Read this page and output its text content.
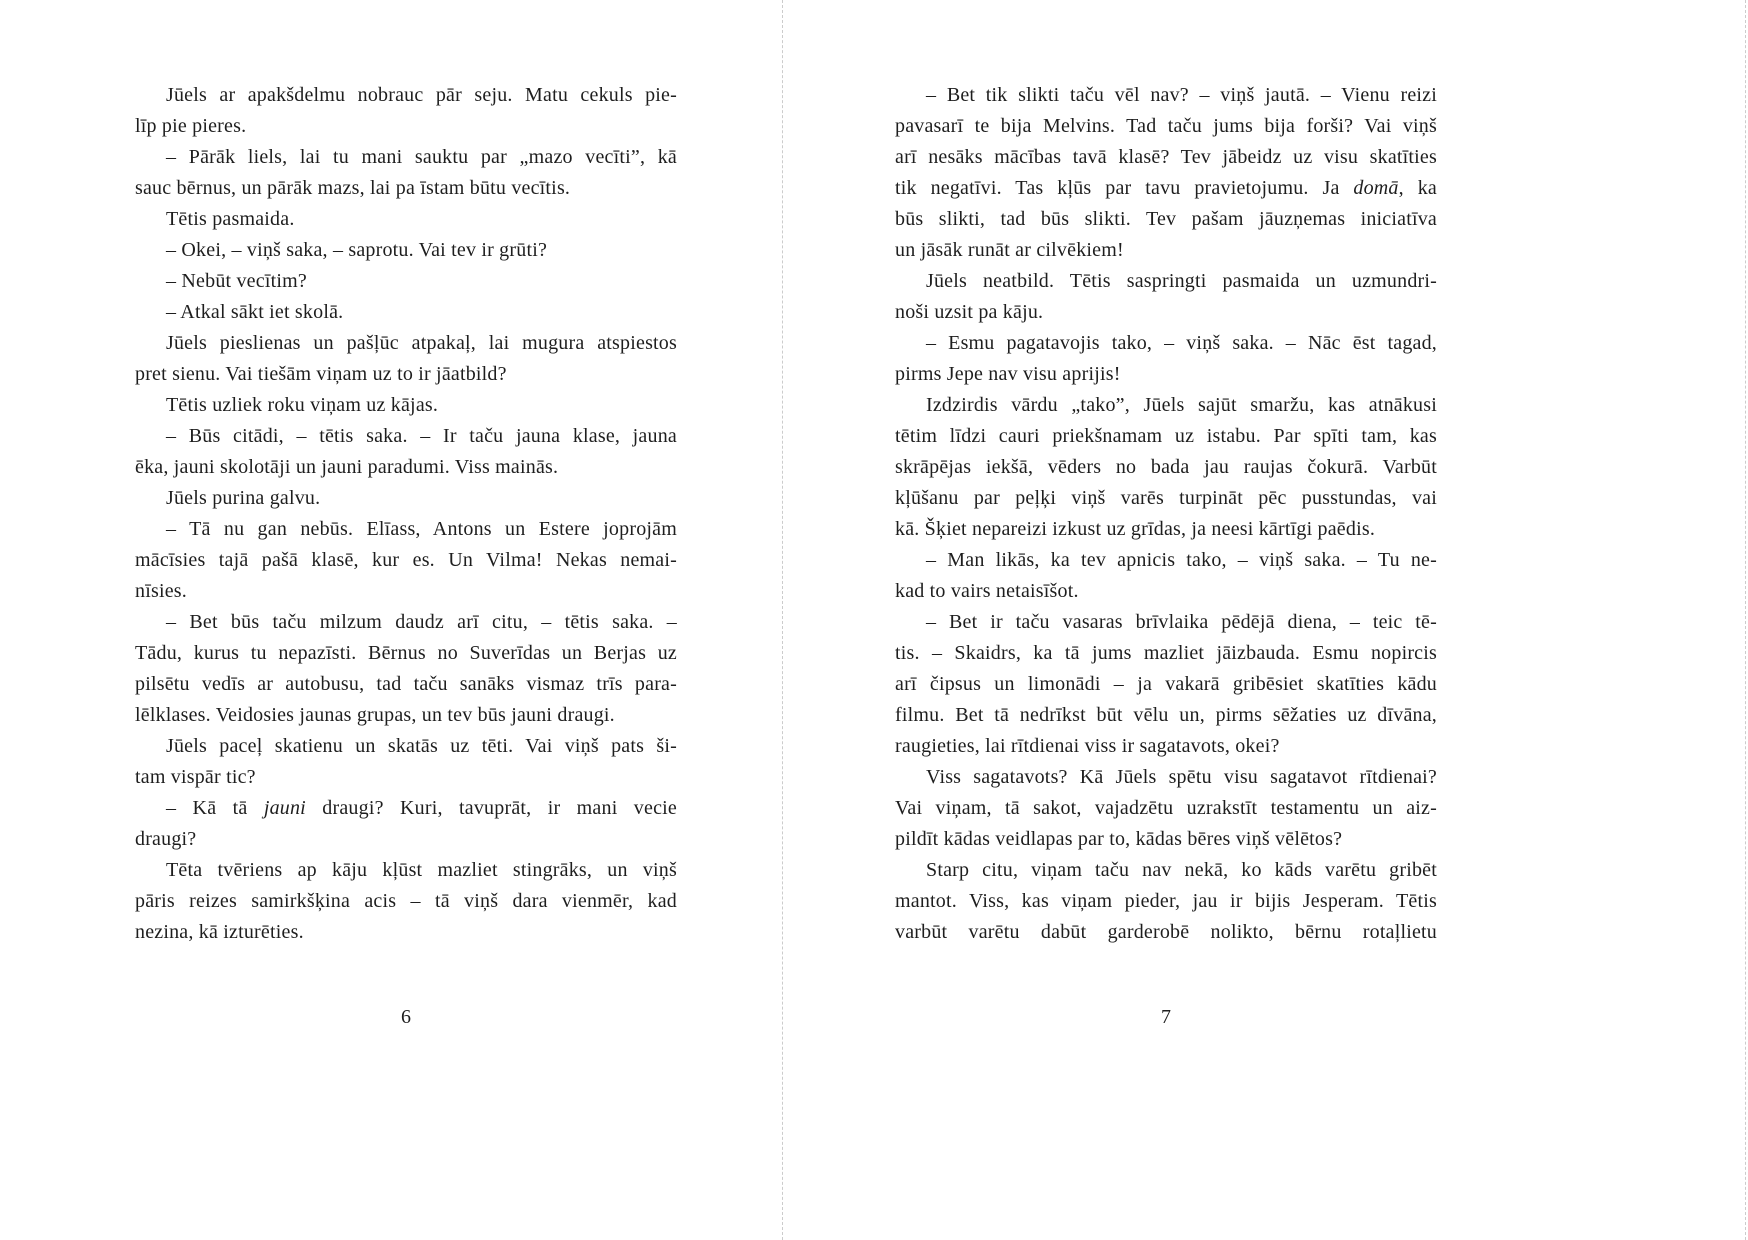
Jūels ar apakšdelmu nobrauc pār seju. Matu cekuls pie-
līp pie pieres.
– Pārāk liels, lai tu mani sauktu par „mazo vecīti”, kā
sauc bērnus, un pārāk mazs, lai pa īstam būtu vecītis.
Tētis pasmaida.
– Okei, – viņš saka, – saprotu. Vai tev ir grūti?
– Nebūt vecītim?
– Atkal sākt iet skolā.
Jūels pieslienas un pašļūc atpakaļ, lai mugura atspiestos
pret sienu. Vai tiešām viņam uz to ir jāatbild?
Tētis uzliek roku viņam uz kājas.
– Būs citādi, – tētis saka. – Ir taču jauna klase, jauna
ēka, jauni skolotāji un jauni paradumi. Viss mainās.
Jūels purina galvu.
– Tā nu gan nebūs. Elīass, Antons un Estere joprojām
mācīsies tajā pašā klasē, kur es. Un Vilma! Nekas nemai-
nīsies.
– Bet būs taču milzum daudz arī citu, – tētis saka. –
Tādu, kurus tu nepazīsti. Bērnus no Suverīdas un Berjas uz
pilsētu vedīs ar autobusu, tad taču sanāks vismaz trīs para-
lēlklases. Veidosies jaunas grupas, un tev būs jauni draugi.
Jūels paceļ skatienu un skatās uz tēti. Vai viņš pats ši-
tam vispār tic?
– Kā tā jauni draugi? Kuri, tavuprāt, ir mani vecie
draugi?
Tēta tvēriens ap kāju kļūst mazliet stingrāks, un viņš
pāris reizes samirkšķina acis – tā viņš dara vienmēr, kad
nezina, kā izturēties.
6
– Bet tik slikti taču vēl nav? – viņš jautā. – Vienu reizi
pavasarī te bija Melvins. Tad taču jums bija forši? Vai viņš
arī nesāks mācības tavā klasē? Tev jābeidz uz visu skatīties
tik negatīvi. Tas kļūs par tavu pravietojumu. Ja domā, ka
būs slikti, tad būs slikti. Tev pašam jāuzņemas iniciatīva
un jāsāk runāt ar cilvēkiem!
Jūels neatbild. Tētis saspringti pasmaida un uzmundri-
noši uzsit pa kāju.
– Esmu pagatavojis tako, – viņš saka. – Nāc ēst tagad,
pirms Jepe nav visu aprijis!
Izdzirdis vārdu „tako”, Jūels sajūt smaržu, kas atnākusi
tētim līdzi cauri priekšnamam uz istabu. Par spīti tam, kas
skrāpējas iekšā, vēders no bada jau raujas čokurā. Varbūt
kļūšanu par peļķi viņš varēs turpināt pēc pusstundas, vai
kā. Šķiet nepareizi izkust uz grīdas, ja neesi kārtīgi paēdis.
– Man likās, ka tev apnicis tako, – viņš saka. – Tu ne-
kad to vairs netaisīšot.
– Bet ir taču vasaras brīvlaika pēdējā diena, – teic tē-
tis. – Skaidrs, ka tā jums mazliet jāizbauda. Esmu nopircis
arī čipsus un limonādi – ja vakarā gribēsiet skatīties kādu
filmu. Bet tā nedrīkst būt vēlu un, pirms sēžaties uz dīvāna,
raugieties, lai rītdienai viss ir sagatavots, okei?
Viss sagatavots? Kā Jūels spētu visu sagatavot rītdienai?
Vai viņam, tā sakot, vajadzētu uzrakstīt testamentu un aiz-
pildīt kādas veidlapas par to, kādas bēres viņš vēlētos?
Starp citu, viņam taču nav nekā, ko kāds varētu gribēt
mantot. Viss, kas viņam pieder, jau ir bijis Jesperam. Tētis
varbūt varētu dabūt garderobē nolikto, bērnu rotaļlietu
7
